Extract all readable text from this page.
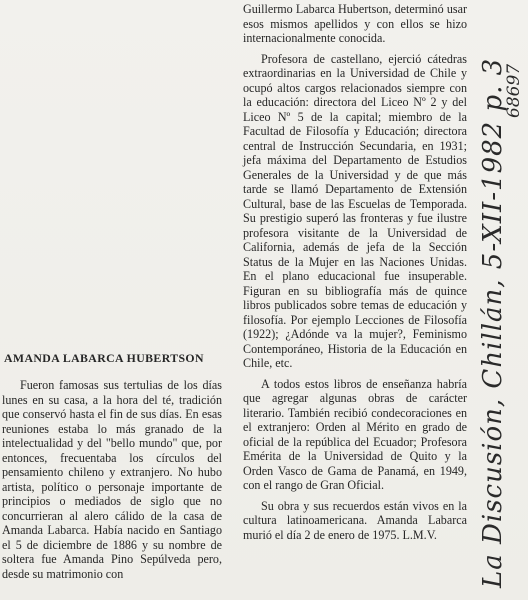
AMANDA LABARCA HUBERTSON

Fueron famosas sus tertulias de los días lunes en su casa, a la hora del té, tradición que conservó hasta el fin de sus días. En esas reuniones estaba lo más granado de la intelectualidad y del "bello mundo" que, por entonces, frecuentaba los círculos del pensamiento chileno y extranjero. No hubo artista, político o personaje importante de principios o mediados de siglo que no concurrieran al alero cálido de la casa de Amanda Labarca. Había nacido en Santiago el 5 de diciembre de 1886 y su nombre de soltera fue Amanda Pino Sepúlveda pero, desde su matrimonio con

Guillermo Labarca Hubertson, determinó usar esos mismos apellidos y con ellos se hizo internacionalmente conocida.

Profesora de castellano, ejerció cátedras extraordinarias en la Universidad de Chile y ocupó altos cargos relacionados siempre con la educación: directora del Liceo Nº 2 y del Liceo Nº 5 de la capital; miembro de la Facultad de Filosofía y Educación; directora central de Instrucción Secundaria, en 1931; jefa máxima del Departamento de Estudios Generales de la Universidad y de que más tarde se llamó Departamento de Extensión Cultural, base de las Escuelas de Temporada. Su prestigio superó las fronteras y fue ilustre profesora visitante de la Universidad de California, además de jefa de la Sección Status de la Mujer en las Naciones Unidas. En el plano educacional fue insuperable. Figuran en su bibliografía más de quince libros publicados sobre temas de educación y filosofía. Por ejemplo Lecciones de Filosofía (1922); ¿Adónde va la mujer?, Feminismo Contemporáneo, Historia de la Educación en Chile, etc.

A todos estos libros de enseñanza habría que agregar algunas obras de carácter literario. También recibió condecoraciones en el extranjero: Orden al Mérito en grado de oficial de la república del Ecuador; Profesora Emérita de la Universidad de Quito y la Orden Vasco de Gama de Panamá, en 1949, con el rango de Gran Oficial.

Su obra y sus recuerdos están vivos en la cultura latinoamericana. Amanda Labarca murió el día 2 de enero de 1975. L.M.V.	La Discusión, Chillán, 5-XII-1982 p. 3
68697
